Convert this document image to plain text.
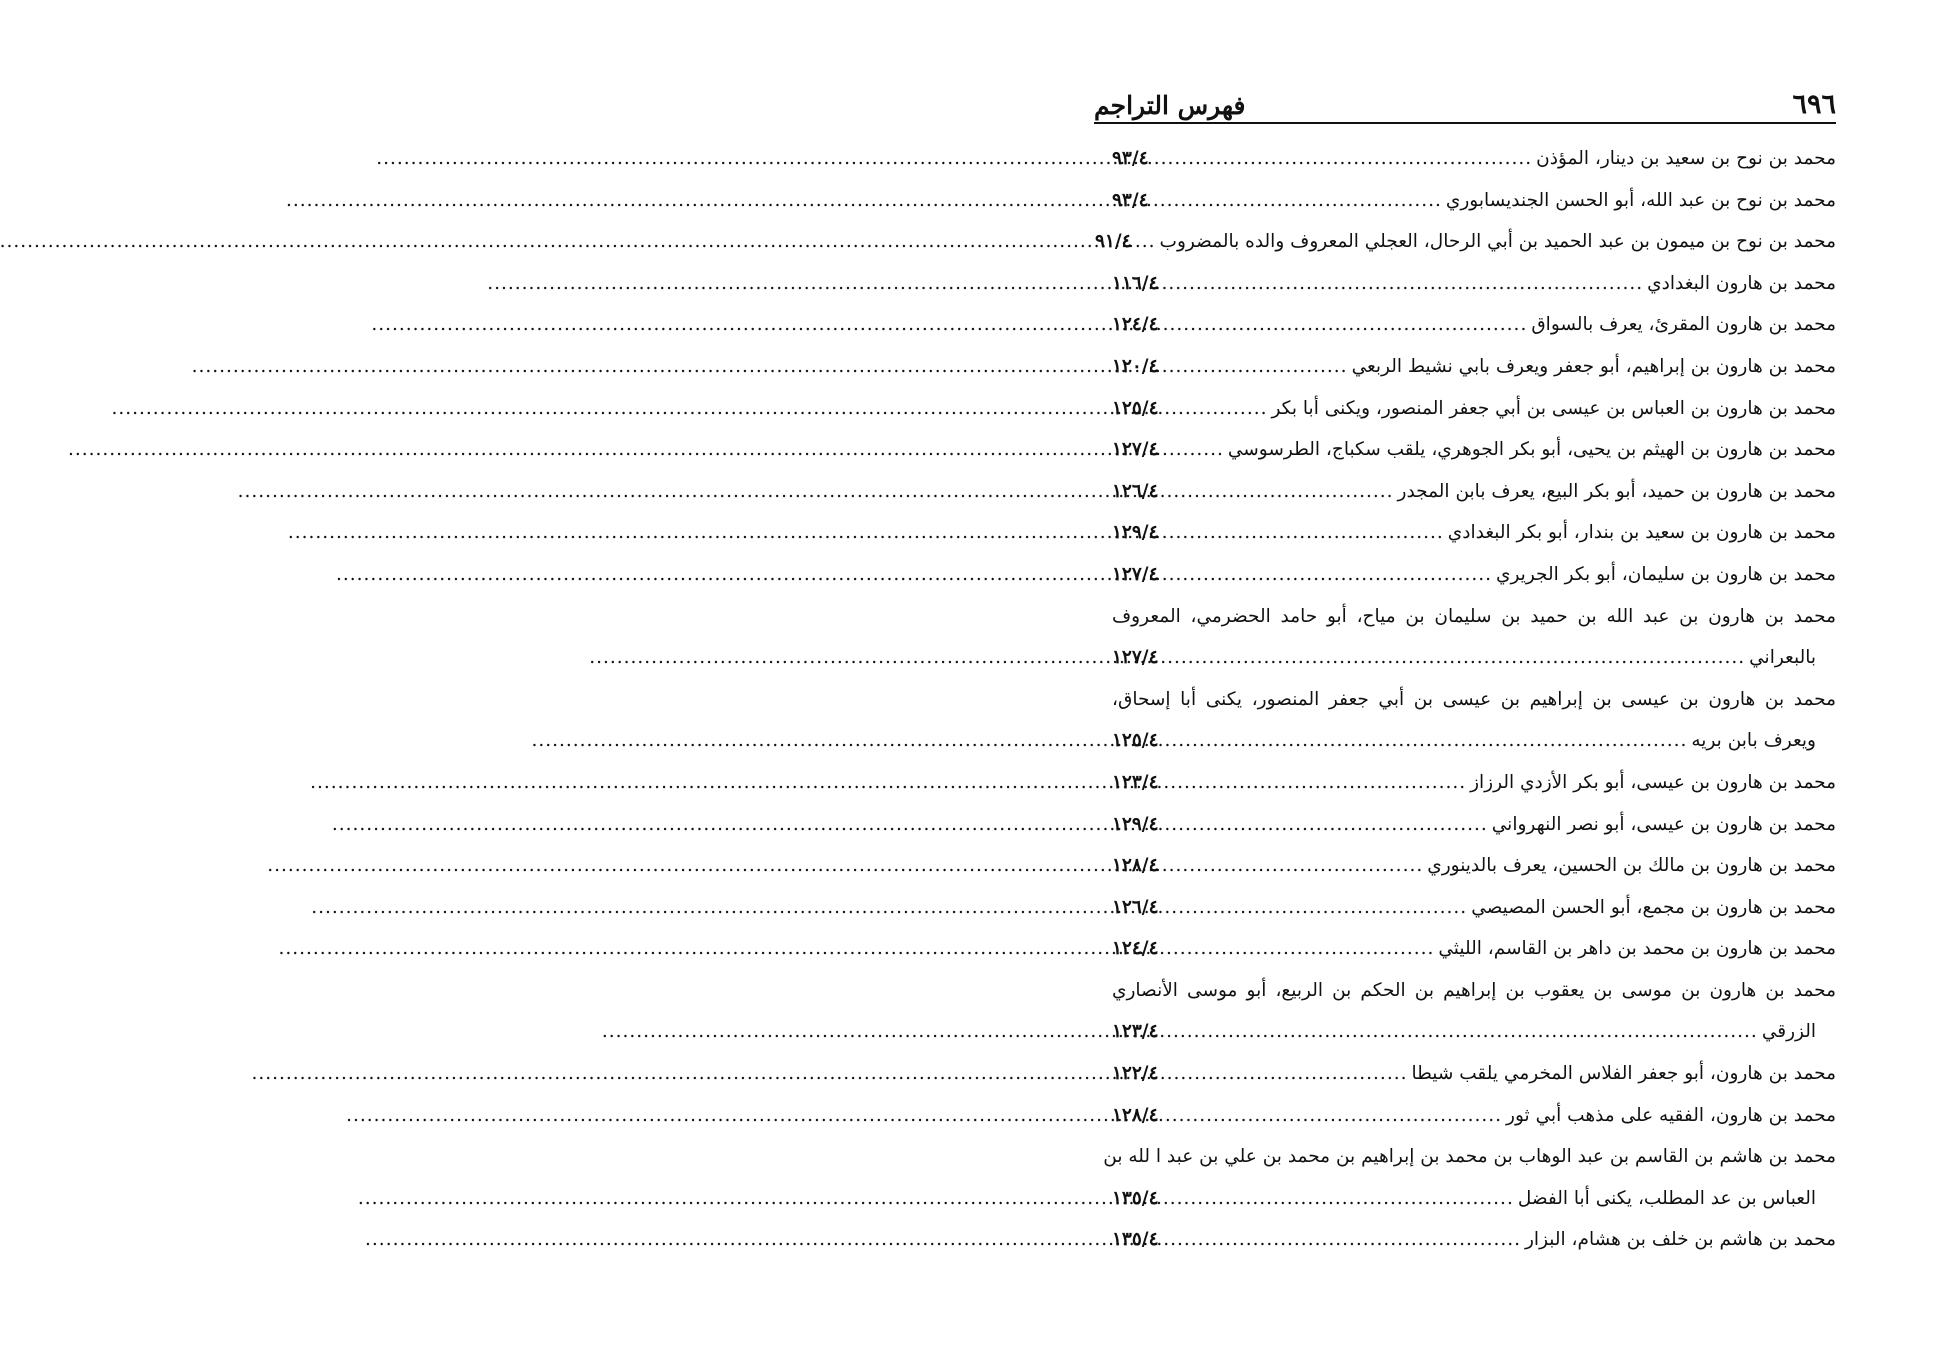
٦٩٦
فهرس التراجم
محمد بن نوح بن سعيد بن دينار، المؤذن
.....
٩٣/٤
محمد بن نوح بن عبد الله، أبو الحسن الجنديسابوري
.....
٩٣/٤
محمد بن نوح بن ميمون بن عبد الحميد بن أبي الرحال، العجلي المعروف والده بالمضروب
.....
٩١/٤
محمد بن هارون البغدادي
.....
١١٦/٤
محمد بن هارون المقرئ، يعرف بالسواق
.....
١٢٤/٤
محمد بن هارون بن إبراهيم، أبو جعفر ويعرف بابي نشيط الربعي
.....
١٢٠/٤
محمد بن هارون بن العباس بن عيسى بن أبي جعفر المنصور، ويكنى أبا بكر
.....
١٢٥/٤
محمد بن هارون بن الهيثم بن يحيى، أبو بكر الجوهري، يلقب سكباج، الطرسوسي
.....
١٢٧/٤
محمد بن هارون بن حميد، أبو بكر البيع، يعرف بابن المجدر
.....
١٢٦/٤
محمد بن هارون بن سعيد بن بندار، أبو بكر البغدادي
.....
١٢٩/٤
محمد بن هارون بن سليمان، أبو بكر الجريري
.....
١٢٧/٤
محمد بن هارون بن عبد الله بن حميد بن سليمان بن مياح، أبو حامد الحضرمي، المعروف
بالبعراني
.....
١٢٧/٤
محمد بن هارون بن عيسى بن إبراهيم بن عيسى بن أبي جعفر المنصور، يكنى أبا إسحاق،
ويعرف بابن بريه
.....
١٢٥/٤
محمد بن هارون بن عيسى، أبو بكر الأزدي الرزاز
.....
١٢٣/٤
محمد بن هارون بن عيسى، أبو نصر النهرواني
.....
١٢٩/٤
محمد بن هارون بن مالك بن الحسين، يعرف بالدينوري
.....
١٢٨/٤
محمد بن هارون بن مجمع، أبو الحسن المصيصي
.....
١٢٦/٤
محمد بن هارون بن محمد بن داهر بن القاسم، الليثي
.....
١٢٤/٤
محمد بن هارون بن موسى بن يعقوب بن إبراهيم بن الحكم بن الربيع، أبو موسى الأنصاري
الزرقي
.....
١٢٣/٤
محمد بن هارون، أبو جعفر الفلاس المخرمي يلقب شيطا
.....
١٢٢/٤
محمد بن هارون، الفقيه على مذهب أبي ثور
.....
١٢٨/٤
محمد بن هاشم بن القاسم بن عبد الوهاب بن محمد بن إبراهيم بن محمد بن علي بن عبد ا لله بن
العباس بن عد المطلب، يكنى أبا الفضل
.....
١٣٥/٤
محمد بن هاشم بن خلف بن هشام، البزار
.....
١٣٥/٤
